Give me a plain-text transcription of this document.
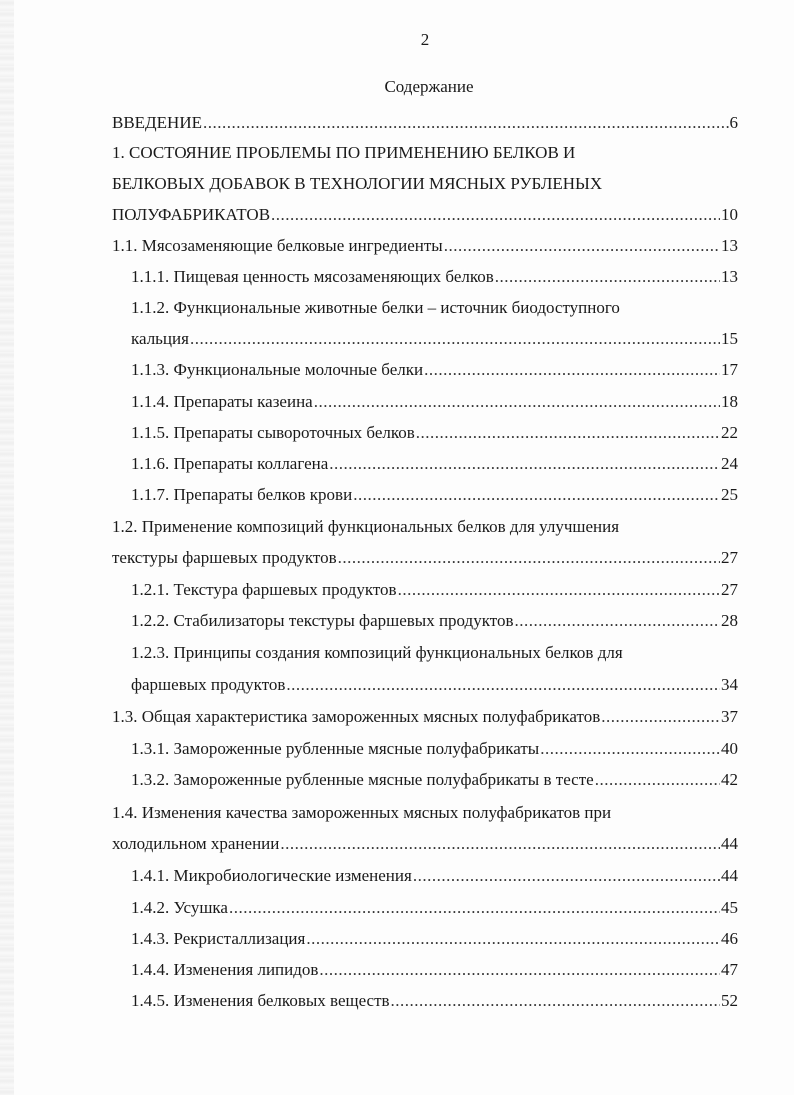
2
Содержание
ВВЕДЕНИЕ .....	6
1. СОСТОЯНИЕ ПРОБЛЕМЫ ПО ПРИМЕНЕНИЮ БЕЛКОВ И
БЕЛКОВЫХ ДОБАВОК В ТЕХНОЛОГИИ МЯСНЫХ РУБЛЕНЫХ
ПОЛУФАБРИКАТОВ .....	10
1.1. Мясозаменяющие белковые ингредиенты .....	13
1.1.1. Пищевая ценность мясозаменяющих белков .....	13
1.1.2. Функциональные животные белки – источник биодоступного
кальция .....	15
1.1.3. Функциональные молочные белки .....	17
1.1.4. Препараты казеина .....	18
1.1.5. Препараты сывороточных белков .....	22
1.1.6. Препараты коллагена .....	24
1.1.7. Препараты белков крови .....	25
1.2. Применение композиций функциональных белков для улучшения
текстуры фаршевых продуктов .....	27
1.2.1. Текстура фаршевых продуктов .....	27
1.2.2. Стабилизаторы текстуры фаршевых продуктов .....	28
1.2.3. Принципы создания композиций функциональных белков для
фаршевых продуктов .....	34
1.3. Общая характеристика замороженных мясных полуфабрикатов .....	37
1.3.1. Замороженные рубленные мясные полуфабрикаты .....	40
1.3.2. Замороженные рубленные мясные полуфабрикаты в тесте .....	42
1.4. Изменения качества замороженных мясных полуфабрикатов при
холодильном хранении .....	44
1.4.1. Микробиологические изменения .....	44
1.4.2. Усушка .....	45
1.4.3. Рекристаллизация .....	46
1.4.4. Изменения липидов .....	47
1.4.5. Изменения белковых веществ .....	52
